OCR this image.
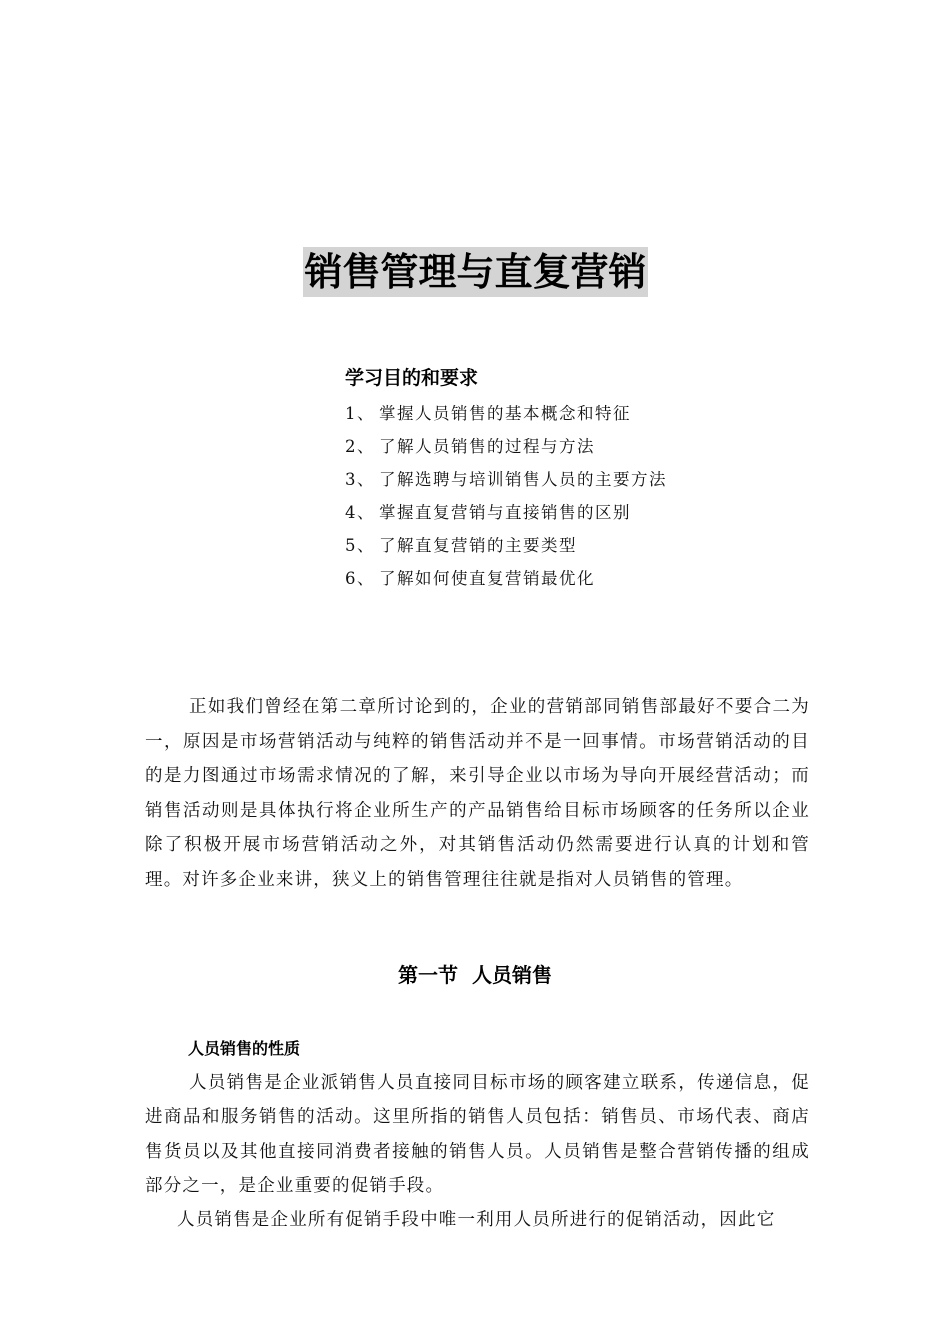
销售管理与直复营销
学习目的和要求
1、 掌握人员销售的基本概念和特征
2、 了解人员销售的过程与方法
3、 了解选聘与培训销售人员的主要方法
4、 掌握直复营销与直接销售的区别
5、 了解直复营销的主要类型
6、 了解如何使直复营销最优化

正如我们曾经在第二章所讨论到的，企业的营销部同销售部最好不要合二为一，原因是市场营销活动与纯粹的销售活动并不是一回事情。市场营销活动的目的是力图通过市场需求情况的了解，来引导企业以市场为导向开展经营活动；而销售活动则是具体执行将企业所生产的产品销售给目标市场顾客的任务所以企业除了积极开展市场营销活动之外，对其销售活动仍然需要进行认真的计划和管理。对许多企业来讲，狭义上的销售管理往往就是指对人员销售的管理。

第一节  人员销售
人员销售的性质

人员销售是企业派销售人员直接同目标市场的顾客建立联系，传递信息，促进商品和服务销售的活动。这里所指的销售人员包括：销售员、市场代表、商店售货员以及其他直接同消费者接触的销售人员。人员销售是整合营销传播的组成部分之一，是企业重要的促销手段。

人员销售是企业所有促销手段中唯一利用人员所进行的促销活动，因此它
